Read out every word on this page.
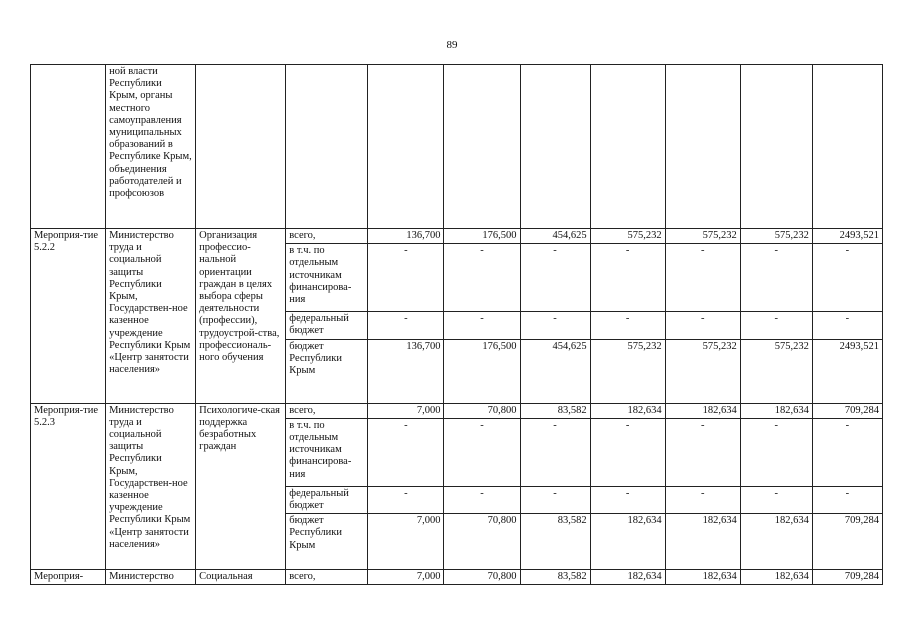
89
	ной власти Республики Крым, органы местного самоуправления муниципальных образований в Республике Крым, объединения работодателей и профсоюзов									
Мероприя-тие 5.2.2	Министерство труда и социальной защиты Республики Крым, Государствен-ное казенное учреждение Республики Крым «Центр занятости населения»	Организация профессио-нальной ориентации граждан в целях выбора сферы деятельности (профессии), трудоустрой-ства, профессиональ-ного обучения	всего,	136,700	176,500	454,625	575,232	575,232	575,232	2493,521
			в т.ч. по отдельным источникам финансирова-ния	-	-	-	-	-	-	-
			федеральный бюджет	-	-	-	-	-	-	-
			бюджет Республики Крым	136,700	176,500	454,625	575,232	575,232	575,232	2493,521
Мероприя-тие 5.2.3	Министерство труда и социальной защиты Республики Крым, Государствен-ное казенное учреждение Республики Крым «Центр занятости населения»	Психологиче-ская поддержка безработных граждан	всего,	7,000	70,800	83,582	182,634	182,634	182,634	709,284
			в т.ч. по отдельным источникам финансирова-ния	-	-	-	-	-	-	-
			федеральный бюджет	-	-	-	-	-	-	-
			бюджет Республики Крым	7,000	70,800	83,582	182,634	182,634	182,634	709,284
Мероприя-	Министерство	Социальная	всего,	7,000	70,800	83,582	182,634	182,634	182,634	709,284
